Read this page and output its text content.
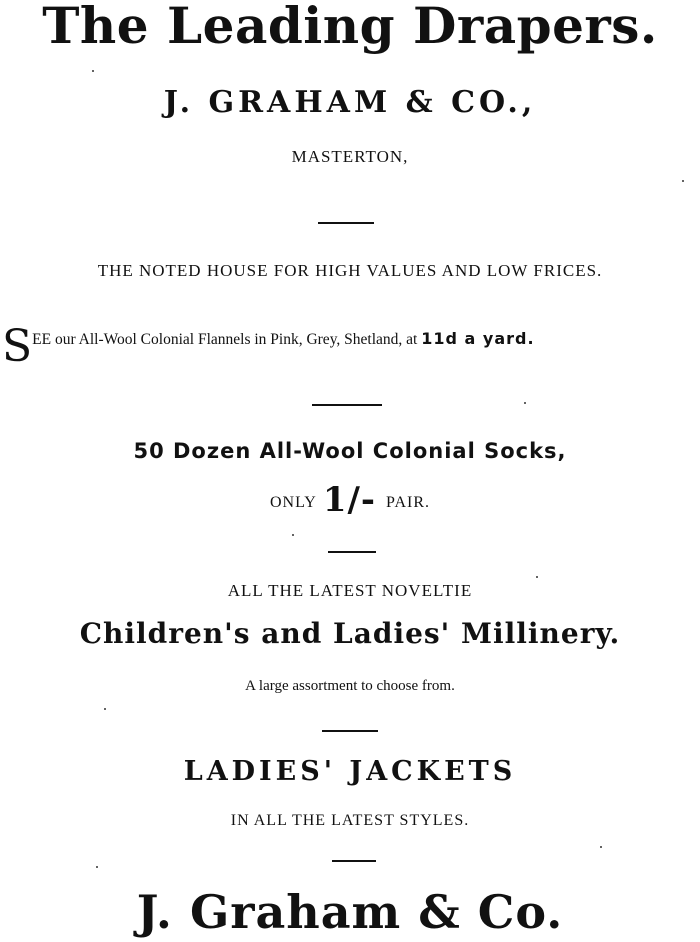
The Leading Drapers.
J. GRAHAM & CO.,
MASTERTON,
THE NOTED HOUSE FOR HIGH VALUES AND LOW FRICES.
SEE our All-Wool Colonial Flannels in Pink, Grey, Shetland, at 11d a yard.
50 Dozen All-Wool Colonial Socks,
ONLY 1/- PAIR.
ALL THE LATEST NOVELTIE
Children's and Ladies' Millinery.
A large assortment to choose from.
LADIES' JACKETS
IN ALL THE LATEST STYLES.
J. Graham & Co.
